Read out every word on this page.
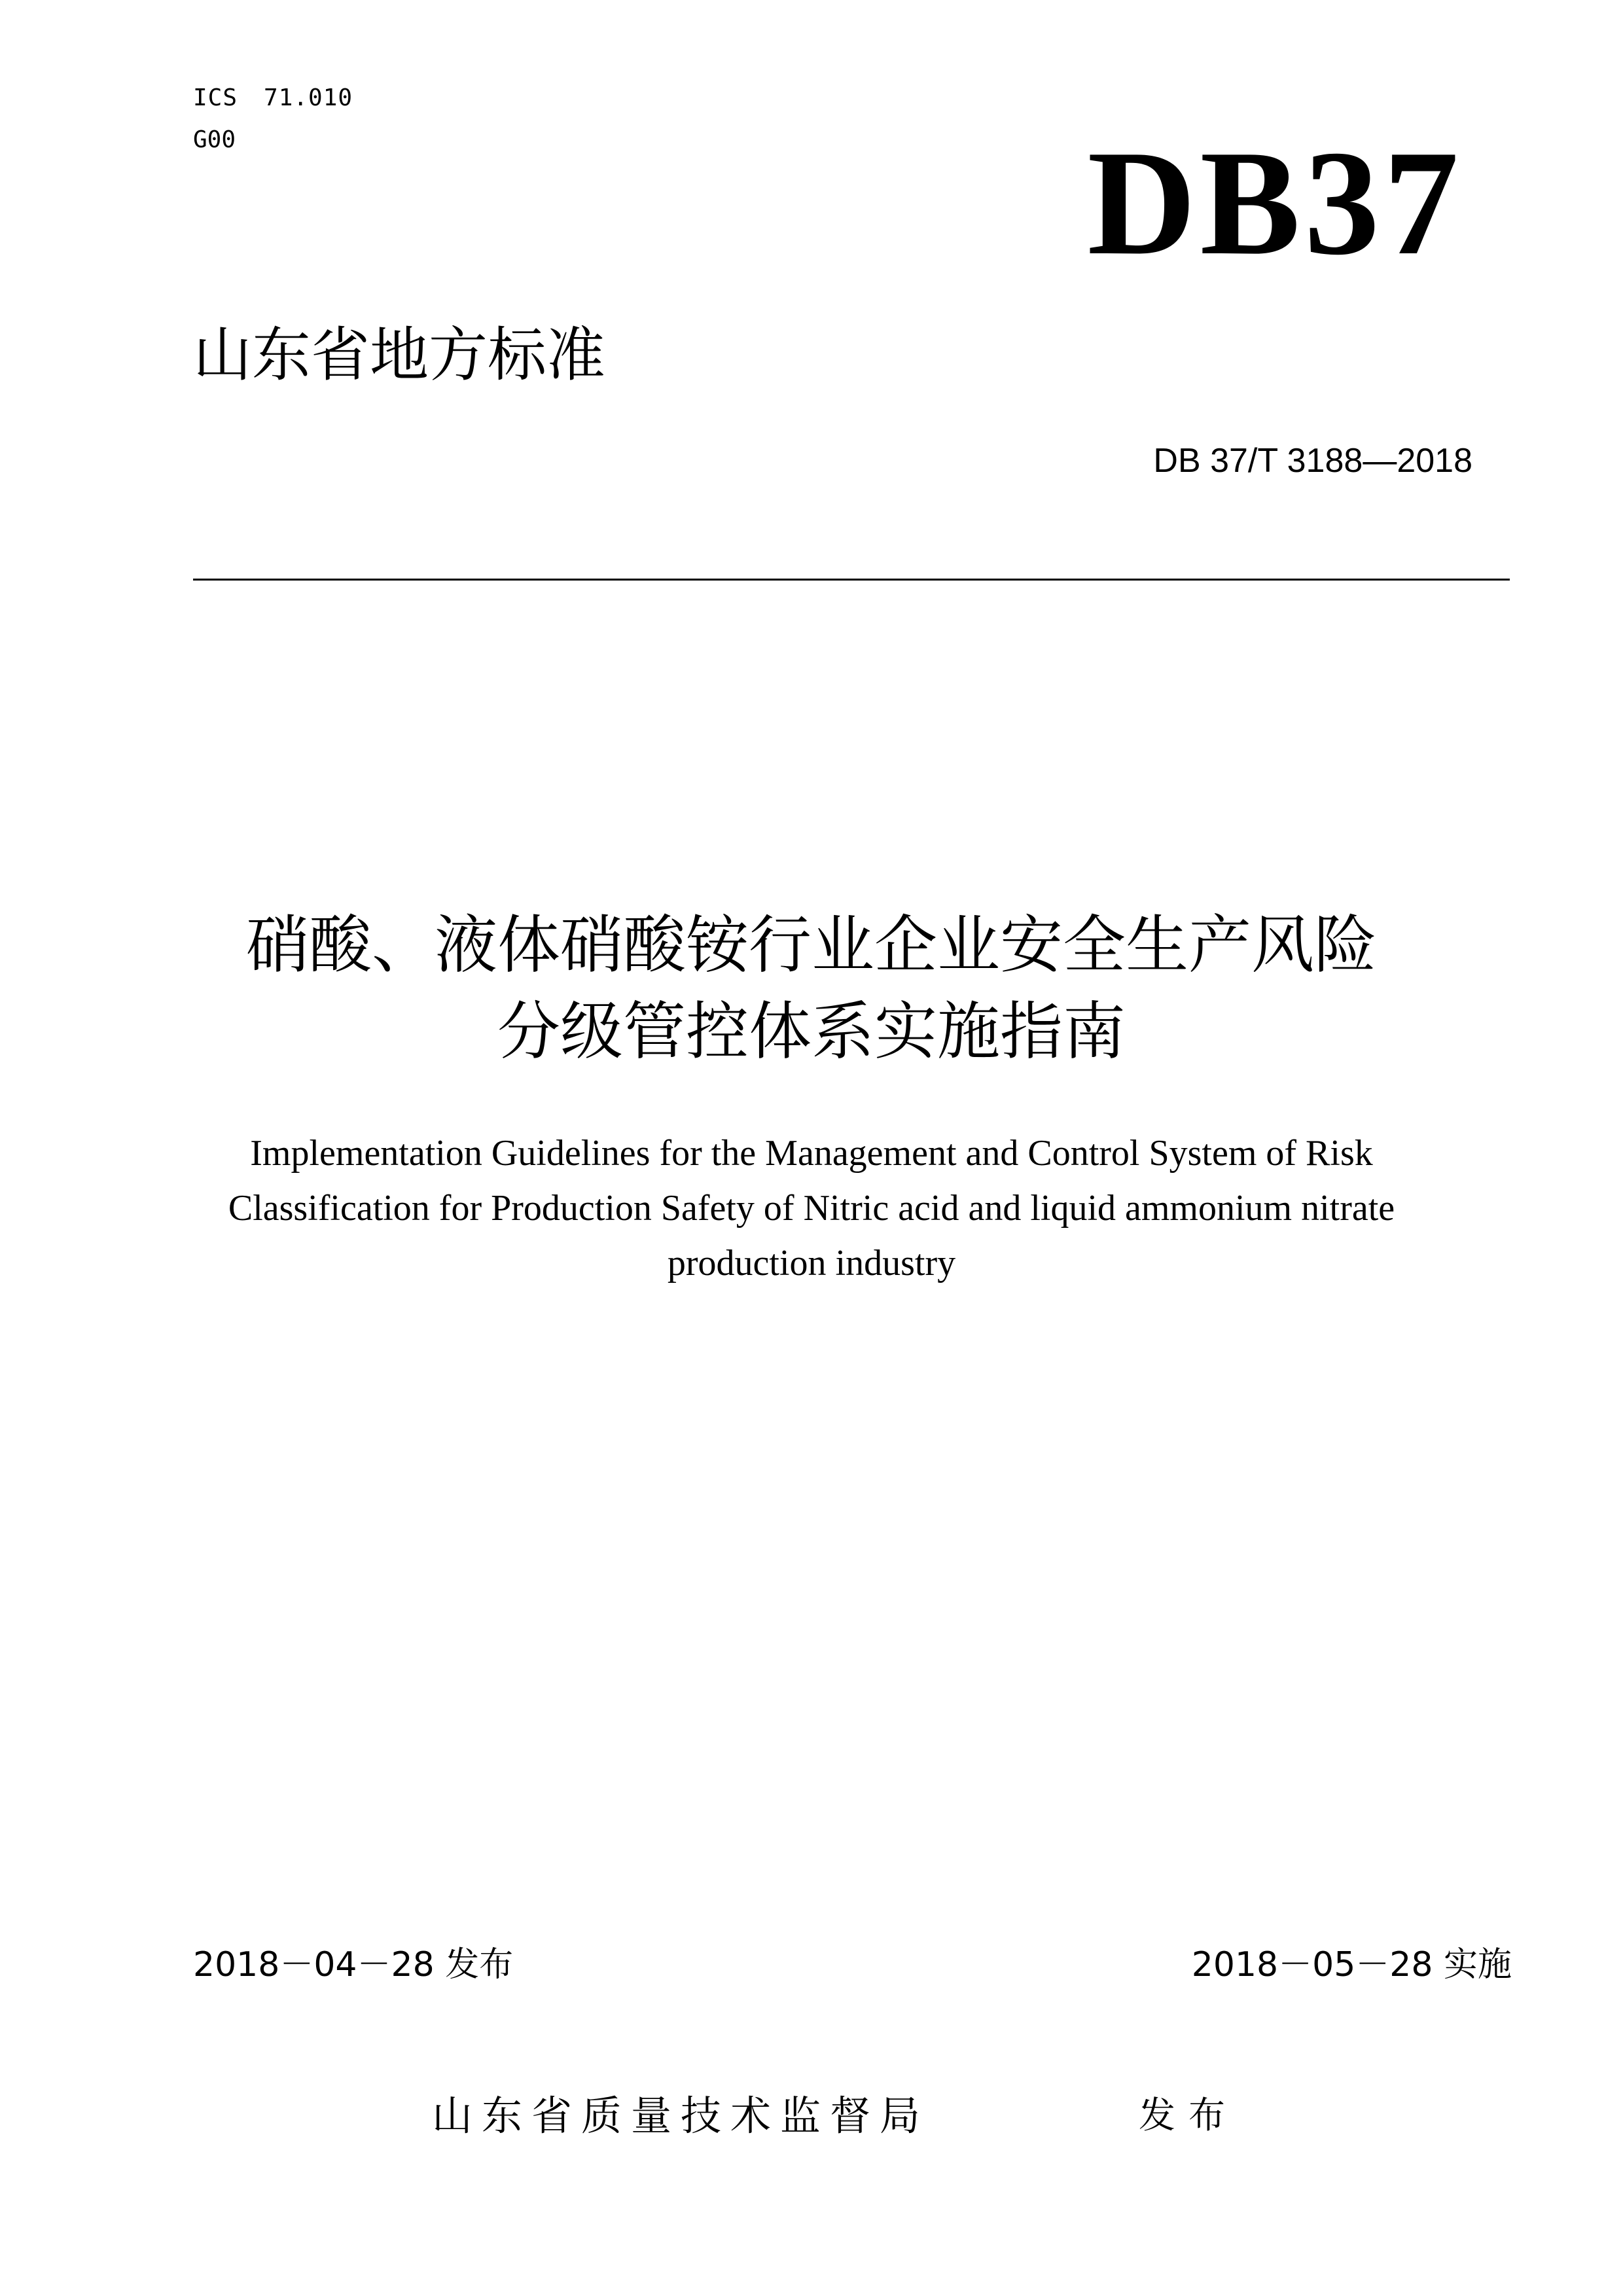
ICS 71.010
G00	DB37
山东省地方标准
DB 37/T 3188—2018
硝酸、液体硝酸铵行业企业安全生产风险
分级管控体系实施指南
Implementation Guidelines for the Management and Control System of Risk
Classification for Production Safety of Nitric acid and liquid ammonium nitrate
production industry
2018－04－28 发布	2018－05－28 实施
山东省质量技术监督局	发布
